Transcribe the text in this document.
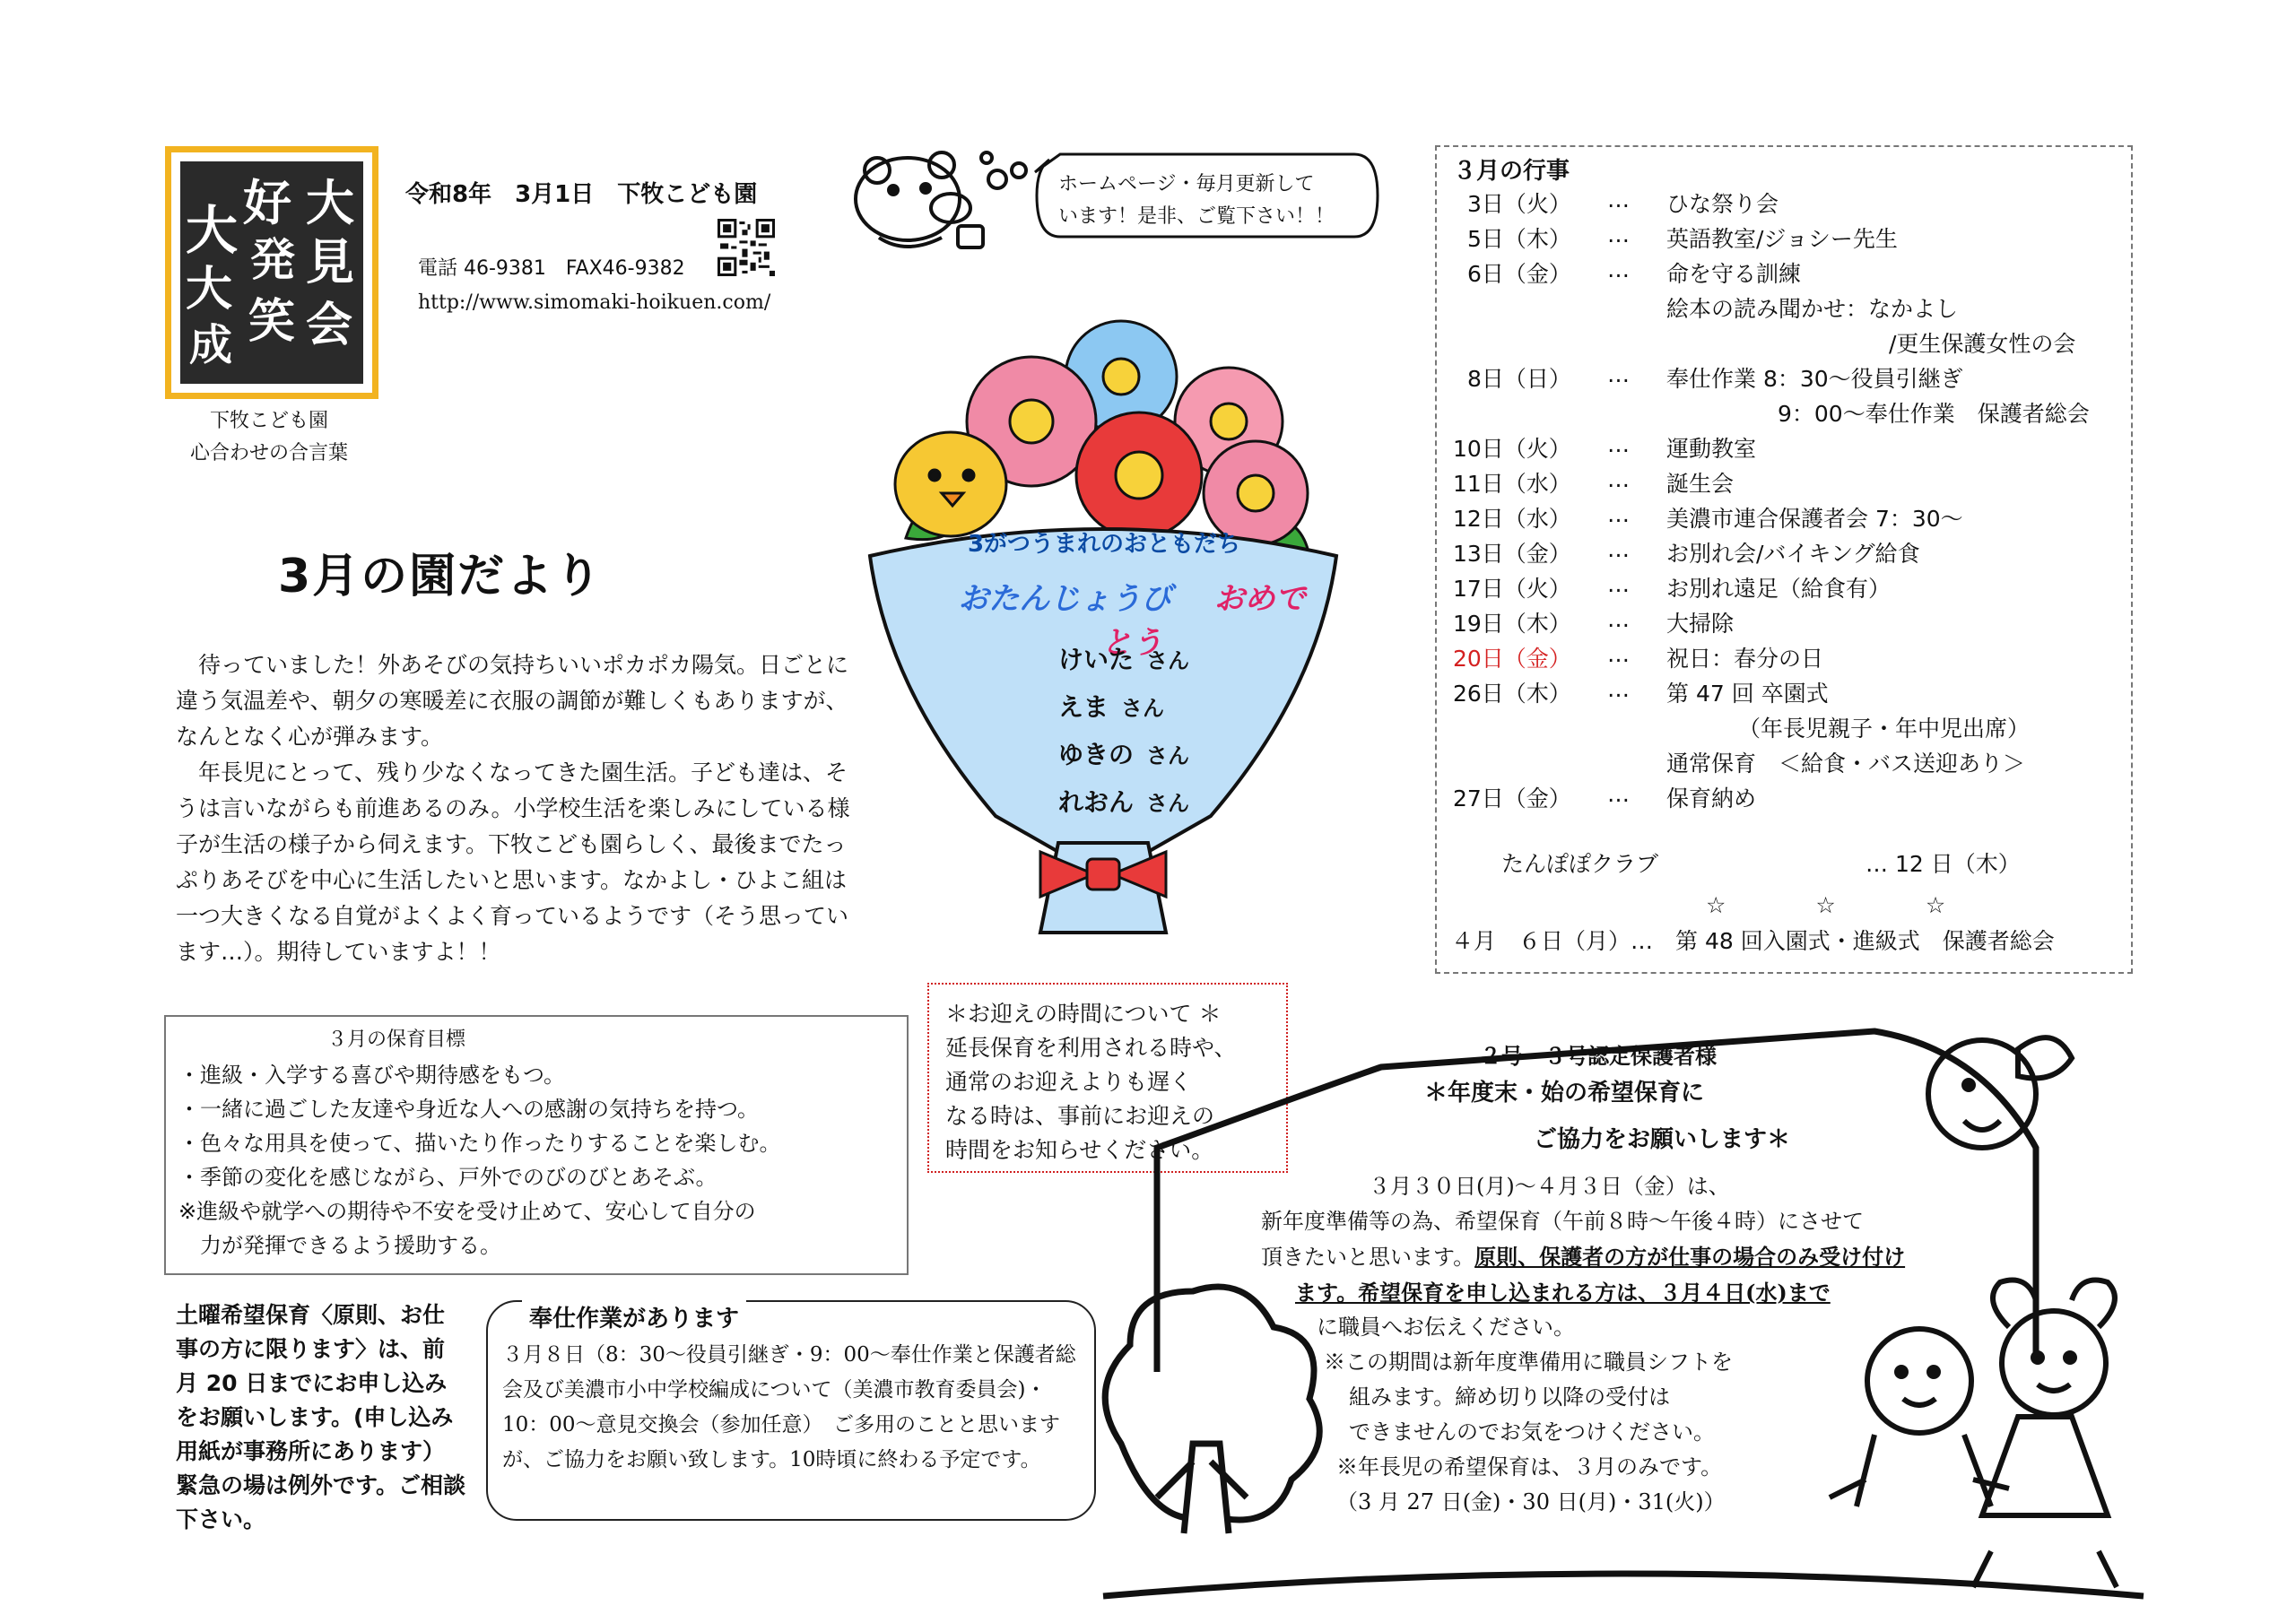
大 好 大
発 見
大
成 笑 会
下牧こども園
心合わせの合言葉
令和8年　3月1日　下牧こども園
電話 46-9381　FAX46-9382
http://www.simomaki-hoikuen.com/
ホームページ・毎月更新して
います！是非、ご覧下さい！！
3月の園だより

待っていました！外あそびの気持ちいいポカポカ陽気。日ごとに違う気温差や、朝夕の寒暖差に衣服の調節が難しくもありますが、なんとなく心が弾みます。

年長児にとって、残り少なくなってきた園生活。子ども達は、そうは言いながらも前進あるのみ。小学校生活を楽しみにしている様子が生活の様子から伺えます。下牧こども園らしく、最後までたっぷりあそびを中心に生活したいと思います。なかよし・ひよこ組は一つ大きくなる自覚がよくよく育っているようです（そう思っています…）。期待していますよ！！

3がつうまれのおともだち
おたんじょうび おめでとう
けいた さん
えま さん
ゆきの さん
れおん さん
３月の行事
3日（火） … ひな祭り会
5日（木） … 英語教室/ジョシー先生
6日（金） … 命を守る訓練
絵本の読み聞かせ：なかよし
/更生保護女性の会
8日（日） … 奉仕作業 8：30〜役員引継ぎ
9：00〜奉仕作業　保護者総会
10日（火） … 運動教室
11日（水） … 誕生会
12日（水） … 美濃市連合保護者会 7：30〜
13日（金） … お別れ会/バイキング給食
17日（火） … お別れ遠足（給食有）
19日（木） … 大掃除
20日（金） … 祝日：春分の日
26日（木） … 第 47 回 卒園式
（年長児親子・年中児出席）
通常保育　＜給食・バス送迎あり＞
27日（金） … 保育納め
たんぽぽクラブ	… 12 日（木）
☆　　　　☆　　　　☆
４月　６日（月）…　第 48 回入園式・進級式　保護者総会
３月の保育目標
・進級・入学する喜びや期待感をもつ。
・一緒に過ごした友達や身近な人への感謝の気持ちを持つ。
・色々な用具を使って、描いたり作ったりすることを楽しむ。
・季節の変化を感じながら、戸外でのびのびとあそぶ。
※進級や就学への期待や不安を受け止めて、安心して自分の
　力が発揮できるよう援助する。
＊お迎えの時間について ＊
延長保育を利用される時や、
通常のお迎えよりも遅く
なる時は、事前にお迎えの
時間をお知らせください。
土曜希望保育〈原則、お仕事の方に限ります〉は、前月 20 日までにお申し込みをお願いします。(申し込み用紙が事務所にあります）緊急の場は例外です。ご相談下さい。
奉仕作業があります
３月８日（8：30〜役員引継ぎ・9：00〜奉仕作業と保護者総会及び美濃市小中学校編成について（美濃市教育委員会)・10：00〜意見交換会（参加任意）　ご多用のことと思いますが、ご協力をお願い致します。10時頃に終わる予定です。
２号・３号認定保護者様
＊年度末・始の希望保育に
ご協力をお願いします＊
３月３０日(月)〜４月３日（金）は、
新年度準備等の為、希望保育（午前８時〜午後４時）にさせて
頂きたいと思います。原則、保護者の方が仕事の場合のみ受け付け
ます。希望保育を申し込まれる方は、３月４日(水)まで
に職員へお伝えください。
※この期間は新年度準備用に職員シフトを
組みます。締め切り以降の受付は
できませんのでお気をつけください。
※年長児の希望保育は、３月のみです。
（3 月 27 日(金)・30 日(月)・31(火)）
